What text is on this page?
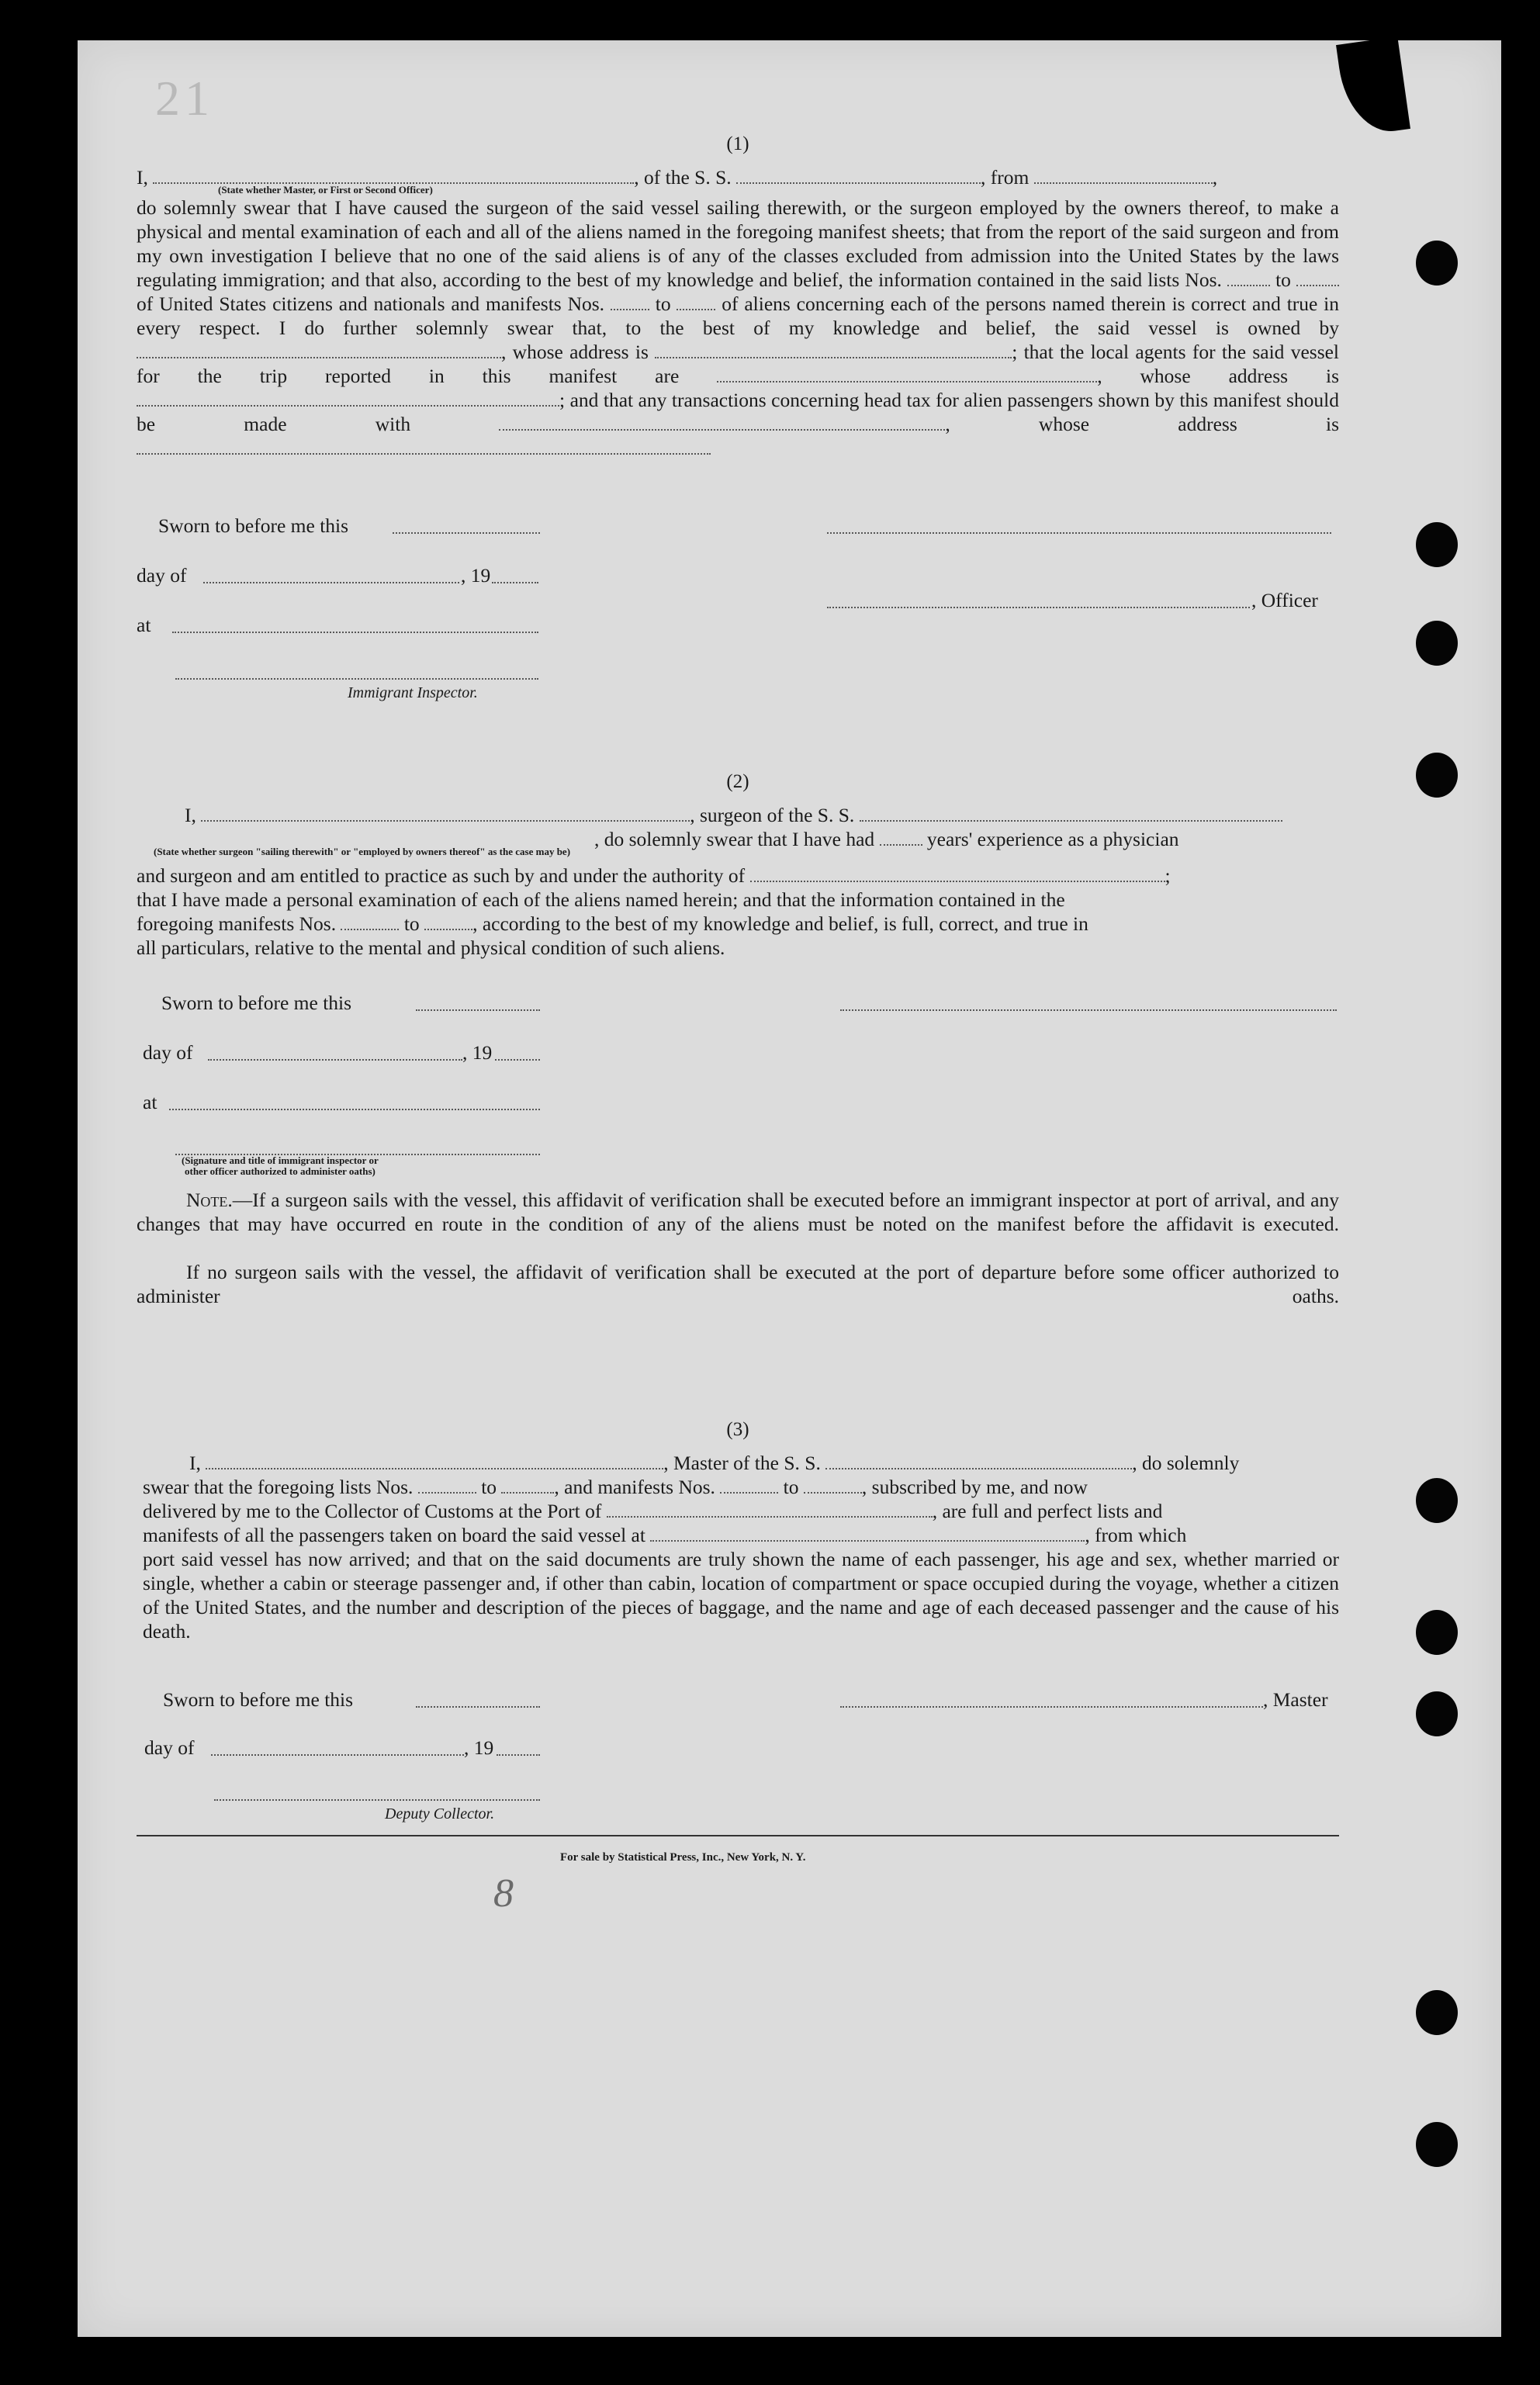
21
(1)
I,	, of the S. S.	, from	,
(State whether Master, or First or Second Officer)

do solemnly swear that I have caused the surgeon of the said vessel sailing therewith, or the surgeon employed by the owners thereof, to make a physical and mental examination of each and all of the aliens named in the foregoing manifest sheets; that from the report of the said surgeon and from my own investigation I believe that no one of the said aliens is of any of the classes excluded from admission into the United States by the laws regulating immigration; and that also, according to the best of my knowledge and belief, the information contained in the said lists Nos.	to  of United States citizens and nationals and manifests Nos.	to	of aliens concerning each of the persons named therein is correct and true in every respect. I do further solemnly swear that, to the best of my knowledge and belief, the said vessel is owned by , whose address is	; that the local agents for the said vessel for the trip reported in this manifest are	, whose address is ; and that any transactions concerning head tax for alien passengers shown by this manifest should be made with	, whose address is

Sworn to before me this
day of	, 19
, Officer
at
Immigrant Inspector.
(2)
I,	, surgeon of the S. S.
, do solemnly swear that I have had	years' experience as a physician
(State whether surgeon "sailing therewith" or "employed by owners thereof" as the case may be)
and surgeon and am entitled to practice as such by and under the authority of	;
that I have made a personal examination of each of the aliens named herein; and that the information contained in the
foregoing manifests Nos.	to	, according to the best of my knowledge and belief, is full, correct, and true in
all particulars, relative to the mental and physical condition of such aliens.
Sworn to before me this
day of	, 19
at
(Signature and title of immigrant inspector or
other officer authorized to administer oaths)

Note.—If a surgeon sails with the vessel, this affidavit of verification shall be executed before an immigrant inspector at port of arrival, and any changes that may have occurred en route in the condition of any of the aliens must be noted on the manifest before the affidavit is executed.

If no surgeon sails with the vessel, the affidavit of verification shall be executed at the port of departure before some officer authorized to administer oaths.

(3)
I,	, Master of the S. S.	, do solemnly
swear that the foregoing lists Nos.	to	, and manifests Nos.	to	, subscribed by me, and now
delivered by me to the Collector of Customs at the Port of	, are full and perfect lists and
manifests of all the passengers taken on board the said vessel at	, from which

port said vessel has now arrived; and that on the said documents are truly shown the name of each passenger, his age and sex, whether married or single, whether a cabin or steerage passenger and, if other than cabin, location of compartment or space occupied during the voyage, whether a citizen of the United States, and the number and description of the pieces of baggage, and the name and age of each deceased passenger and the cause of his death.

Sworn to before me this	, Master
day of	, 19
Deputy Collector.
For sale by Statistical Press, Inc., New York, N. Y.
8
